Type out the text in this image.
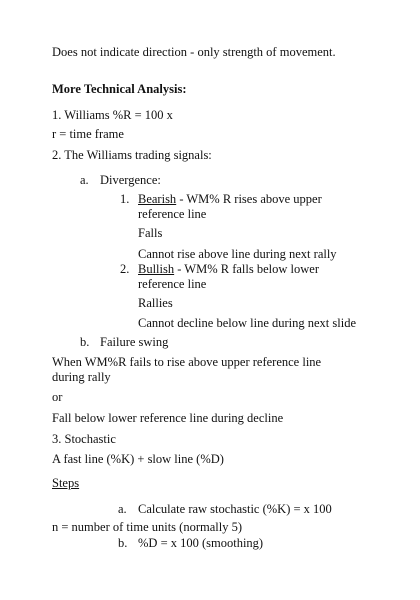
Does not indicate direction - only strength of movement.
More Technical Analysis:
1. Williams %R = 100 x
r = time frame
2. The Williams trading signals:
a. Divergence:
1. Bearish - WM% R rises above upper
reference line
Falls
Cannot rise above line during next rally
2. Bullish - WM% R falls below lower
reference line
Rallies
Cannot decline below line during next slide
b. Failure swing
When WM%R fails to rise above upper reference line
during rally
or
Fall below lower reference line during decline
3. Stochastic
A fast line (%K) + slow line (%D)
Steps
a. Calculate raw stochastic (%K) = x 100
n = number of time units (normally 5)
b. %D = x 100 (smoothing)
